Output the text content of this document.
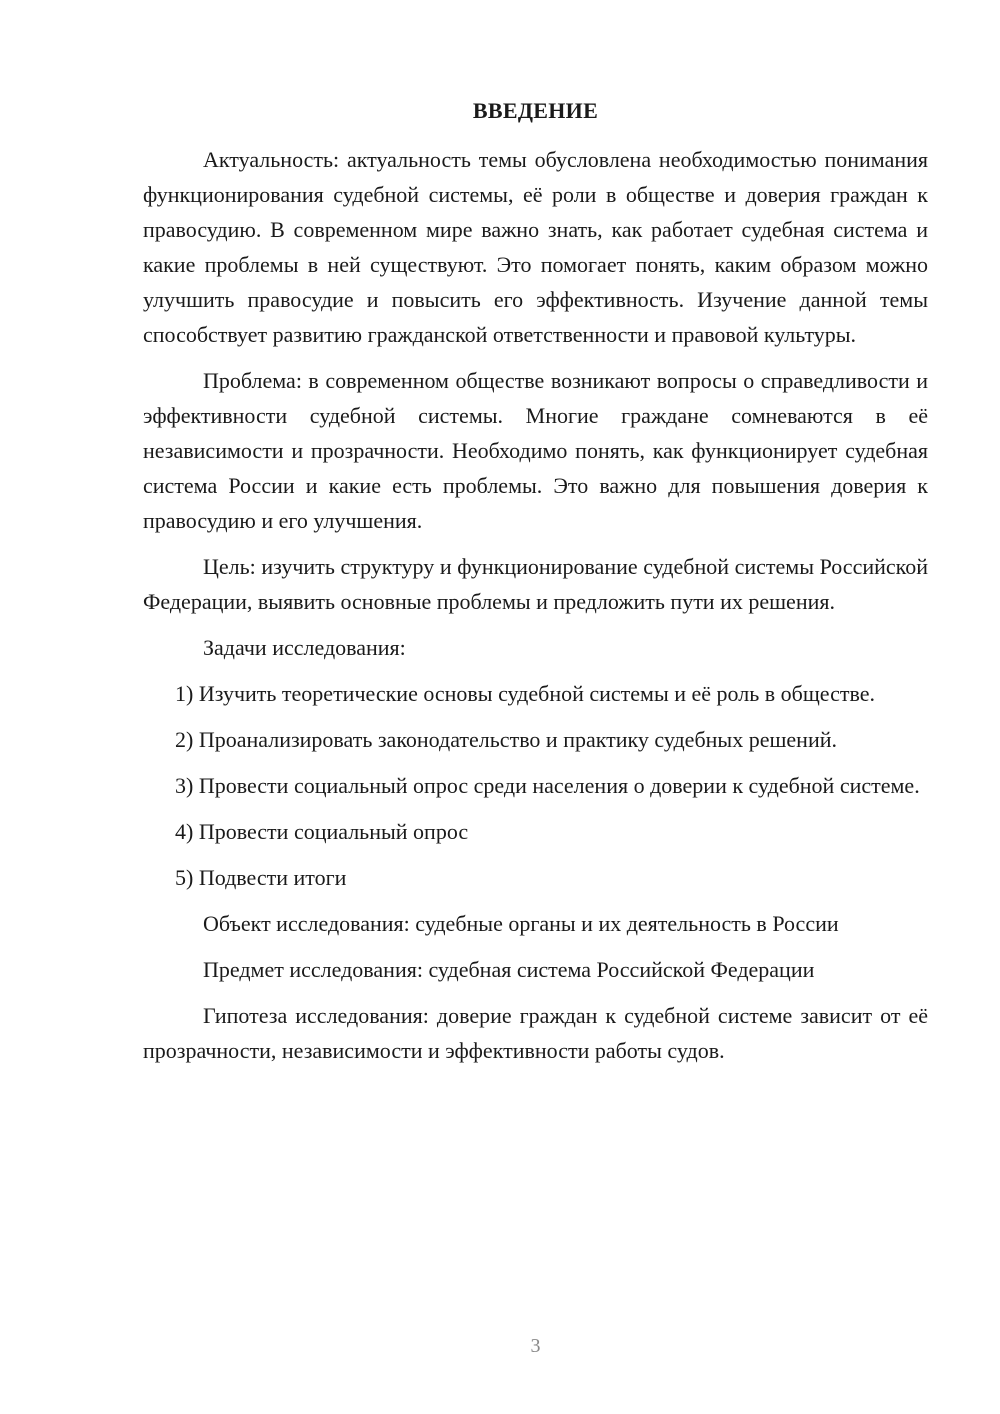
ВВЕДЕНИЕ

Актуальность: актуальность темы обусловлена необходимостью понимания функционирования судебной системы, её роли в обществе и доверия граждан к правосудию. В современном мире важно знать, как работает судебная система и какие проблемы в ней существуют. Это помогает понять, каким образом можно улучшить правосудие и повысить его эффективность. Изучение данной темы способствует развитию гражданской ответственности и правовой культуры.

Проблема: в современном обществе возникают вопросы о справедливости и эффективности судебной системы. Многие граждане сомневаются в её независимости и прозрачности. Необходимо понять, как функционирует судебная система России и какие есть проблемы. Это важно для повышения доверия к правосудию и его улучшения.

Цель: изучить структуру и функционирование судебной системы Российской Федерации, выявить основные проблемы и предложить пути их решения.

Задачи исследования:

1) Изучить теоретические основы судебной системы и её роль в обществе.

2) Проанализировать законодательство и практику судебных решений.

3) Провести социальный опрос среди населения о доверии к судебной системе.

4) Провести социальный опрос

5) Подвести итоги

Объект исследования: судебные органы и их деятельность в России

Предмет исследования: судебная система Российской Федерации

Гипотеза исследования: доверие граждан к судебной системе зависит от её прозрачности, независимости и эффективности работы судов.

3
